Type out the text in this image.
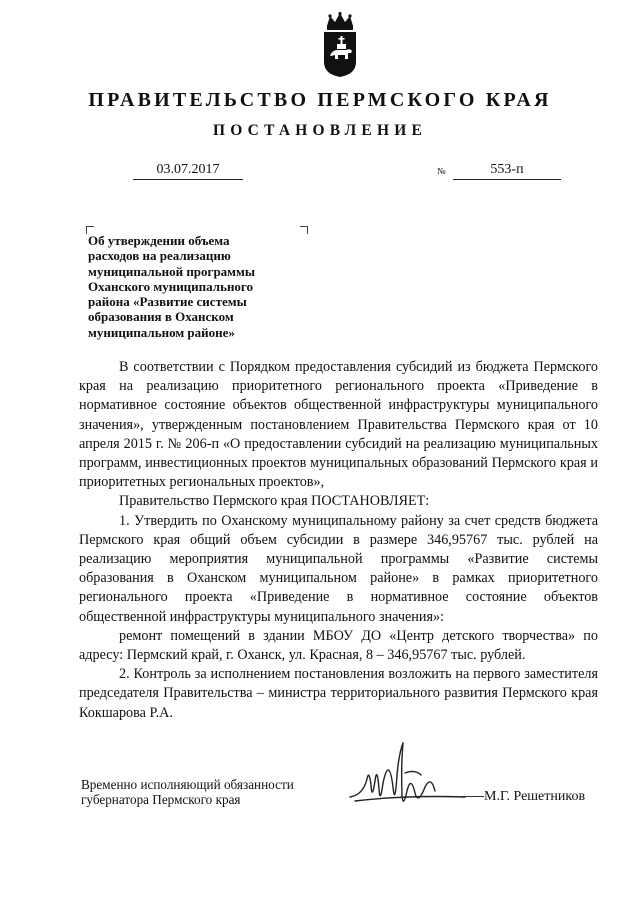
ПРАВИТЕЛЬСТВО ПЕРМСКОГО КРАЯ
ПОСТАНОВЛЕНИЕ
03.07.2017	№	553-п
Об утверждении объема
расходов на реализацию
муниципальной программы
Оханского муниципального
района «Развитие системы
образования в Оханском
муниципальном районе»

В соответствии с Порядком предоставления субсидий из бюджета Пермского края на реализацию приоритетного регионального проекта «Приведение в нормативное состояние объектов общественной инфраструктуры муниципального значения», утвержденным постановлением Правительства Пермского края от 10 апреля 2015 г. № 206-п «О предоставлении субсидий на реализацию муниципальных программ, инвестиционных проектов муниципальных образований Пермского края и приоритетных региональных проектов»,

Правительство Пермского края ПОСТАНОВЛЯЕТ:

1. Утвердить по Оханскому муниципальному району за счет средств бюджета Пермского края общий объем субсидии в размере 346,95767 тыс. рублей на реализацию мероприятия муниципальной программы «Развитие системы образования в Оханском муниципальном районе» в рамках приоритетного регионального проекта «Приведение в нормативное состояние объектов общественной инфраструктуры муниципального значения»:

ремонт помещений в здании МБОУ ДО «Центр детского творчества» по адресу: Пермский край, г. Оханск, ул. Красная, 8 – 346,95767 тыс. рублей.

2. Контроль за исполнением постановления возложить на первого заместителя председателя Правительства – министра территориального развития Пермского края Кокшарова Р.А.

Временно исполняющий обязанности
губернатора Пермского края	М.Г. Решетников
